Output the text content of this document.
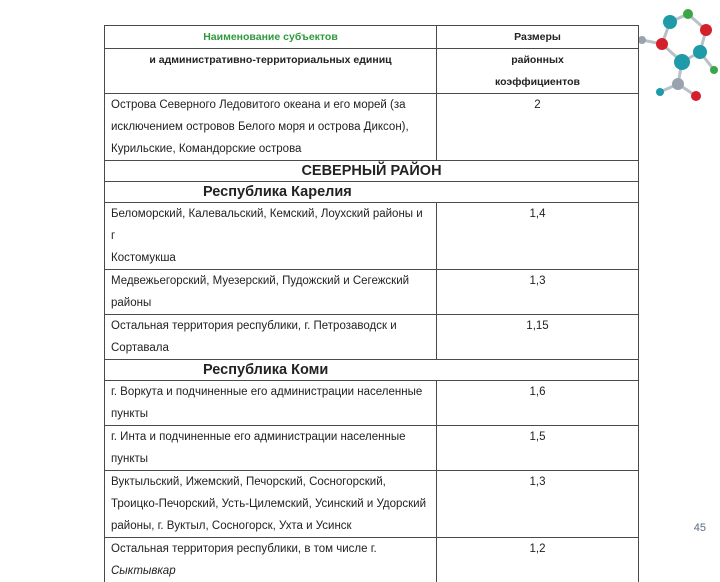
Наименование субъектов	Размеры

и административно-территориальных единиц	районных
коэффициентов

Острова Северного Ледовитого океана и его морей (за
исключением островов Белого моря и острова Диксон),
Курильские, Командорские острова	2
СЕВЕРНЫЙ РАЙОН	
Республика Карелия	

Беломорский, Калевальский, Кемский, Лоухский районы и г
Костомукша	1,4

Медвежьегорский, Муезерский, Пудожский и Сегежский
районы	1,3

Остальная территория республики, г. Петрозаводск и
Сортавала	1,15
Республика Коми	

г. Воркута и подчиненные его администрации населенные
пункты	1,6

г. Инта и подчиненные его администрации населенные
пункты	1,5

Вуктыльский, Ижемский, Печорский, Сосногорский,
Троицко-Печорский, Усть-Цилемский, Усинский и Удорский
районы, г. Вуктыл, Сосногорск, Ухта и Усинск	1,3

Остальная территория республики, в том числе г.
Сыктывкар	1,2
45
